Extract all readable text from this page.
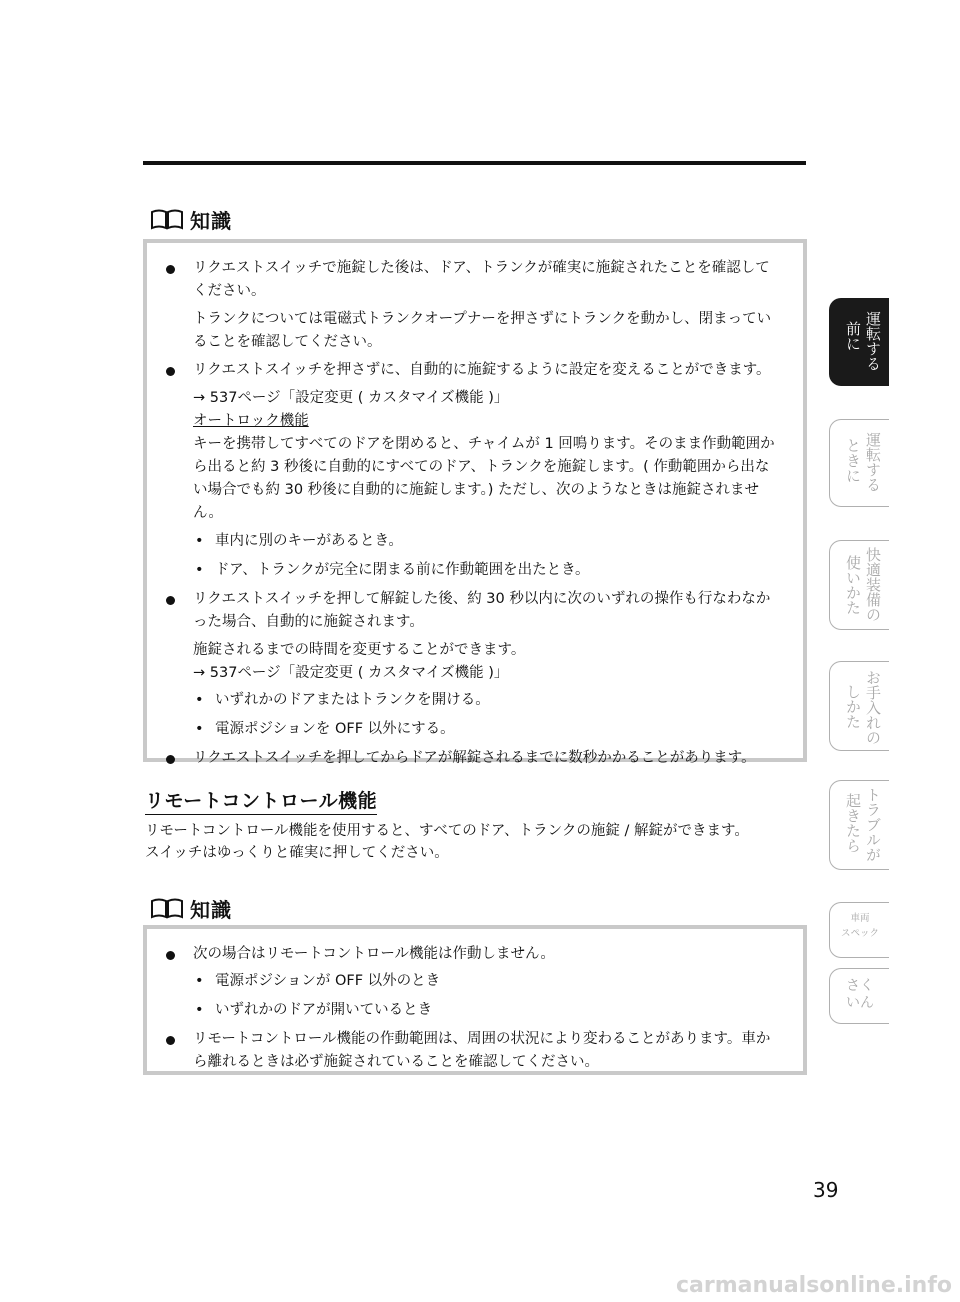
知識

リクエストスイッチで施錠した後は、ドア、トランクが確実に施錠されたことを確認してください。

トランクについては電磁式トランクオープナーを押さずにトランクを動かし、閉まっていることを確認してください。

リクエストスイッチを押さずに、自動的に施錠するように設定を変えることができます。

→ 537ページ「設定変更 ( カスタマイズ機能 )」

オートロック機能

キーを携帯してすべてのドアを閉めると、チャイムが 1 回鳴ります。そのまま作動範囲から出ると約 3 秒後に自動的にすべてのドア、トランクを施錠します。( 作動範囲から出ない場合でも約 30 秒後に自動的に施錠します。) ただし、次のようなときは施錠されません。

• 車内に別のキーがあるとき。
• ドア、トランクが完全に閉まる前に作動範囲を出たとき。

リクエストスイッチを押して解錠した後、約 30 秒以内に次のいずれの操作も行なわなかった場合、自動的に施錠されます。

施錠されるまでの時間を変更することができます。

→ 537ページ「設定変更 ( カスタマイズ機能 )」

• いずれかのドアまたはトランクを開ける。
• 電源ポジションを OFF 以外にする。

リクエストスイッチを押してからドアが解錠されるまでに数秒かかることがあります。

リモートコントロール機能

リモートコントロール機能を使用すると、すべてのドア、トランクの施錠 / 解錠ができます。

スイッチはゆっくりと確実に押してください。

知識

次の場合はリモートコントロール機能は作動しません。

• 電源ポジションが OFF 以外のとき
• いずれかのドアが開いているとき

リモートコントロール機能の作動範囲は、周囲の状況により変わることがあります。車から離れるときは必ず施錠されていることを確認してください。

運転する
前に
運転する
ときに
快適装備の
使いかた
お手入れの
しかた
トラブルが
起きたら
車両
スペック
さく
いん
39
carmanualsonline.info
